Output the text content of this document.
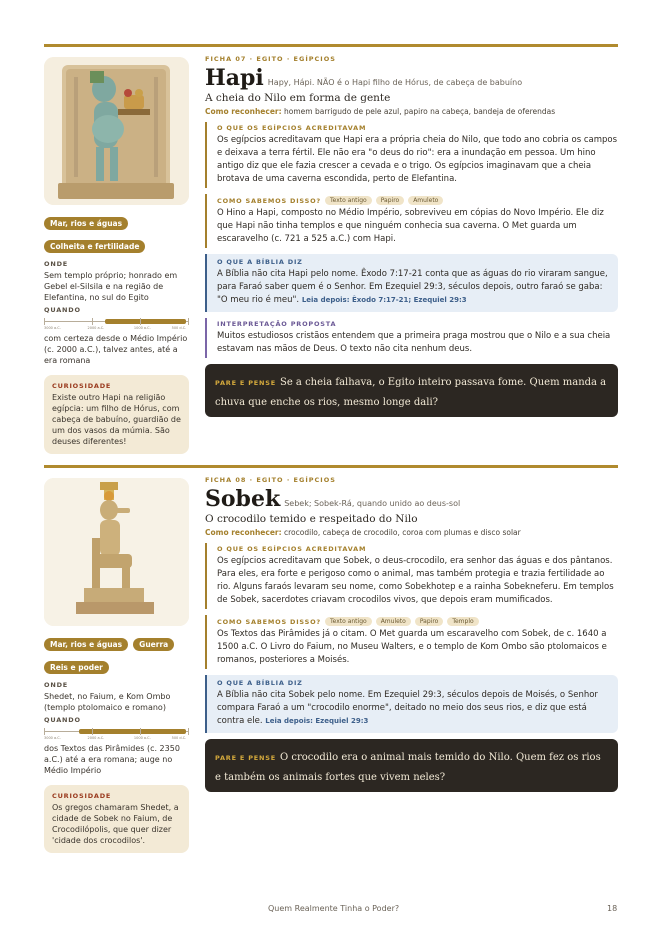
Mar, rios e águas
Colheita e fertilidade
ONDE
Sem templo próprio; honrado em Gebel el-Silsila e na região de Elefantina, no sul do Egito
QUANDO
3000 a.C.	2000 a.C.	1000 a.C.	500 d.C.
com certeza desde o Médio Império (c. 2000 a.C.), talvez antes, até a era romana
CURIOSIDADE
Existe outro Hapi na religião egípcia: um filho de Hórus, com cabeça de babuíno, guardião de um dos vasos da múmia. São deuses diferentes!
FICHA 07 · EGITO · EGÍPCIOS
Hapi Hapy, Hápi. NÃO é o Hapi filho de Hórus, de cabeça de babuíno
A cheia do Nilo em forma de gente
Como reconhecer: homem barrigudo de pele azul, papiro na cabeça, bandeja de oferendas
O QUE OS EGÍPCIOS ACREDITAVAM
Os egípcios acreditavam que Hapi era a própria cheia do Nilo, que todo ano cobria os campos e deixava a terra fértil. Ele não era "o deus do rio": era a inundação em pessoa. Um hino antigo diz que ele fazia crescer a cevada e o trigo. Os egípcios imaginavam que a cheia brotava de uma caverna escondida, perto de Elefantina.
COMO SABEMOS DISSO? Texto antigo Papiro Amuleto
O Hino a Hapi, composto no Médio Império, sobreviveu em cópias do Novo Império. Ele diz que Hapi não tinha templos e que ninguém conhecia sua caverna. O Met guarda um escaravelho (c. 721 a 525 a.C.) com Hapi.
O QUE A BÍBLIA DIZ
A Bíblia não cita Hapi pelo nome. Êxodo 7:17-21 conta que as águas do rio viraram sangue, para Faraó saber quem é o Senhor. Em Ezequiel 29:3, séculos depois, outro faraó se gaba: "O meu rio é meu". Leia depois: Êxodo 7:17-21; Ezequiel 29:3
INTERPRETAÇÃO PROPOSTA
Muitos estudiosos cristãos entendem que a primeira praga mostrou que o Nilo e a sua cheia estavam nas mãos de Deus. O texto não cita nenhum deus.
PARE E PENSE Se a cheia falhava, o Egito inteiro passava fome. Quem manda a chuva que enche os rios, mesmo longe dali?
Mar, rios e águas Guerra
Reis e poder
ONDE
Shedet, no Faium, e Kom Ombo (templo ptolomaico e romano)
QUANDO
3000 a.C.	2000 a.C.	1000 a.C.	500 d.C.
dos Textos das Pirâmides (c. 2350 a.C.) até a era romana; auge no Médio Império
CURIOSIDADE
Os gregos chamaram Shedet, a cidade de Sobek no Faium, de Crocodilópolis, que quer dizer 'cidade dos crocodilos'.
FICHA 08 · EGITO · EGÍPCIOS
Sobek Sebek; Sobek-Rá, quando unido ao deus-sol
O crocodilo temido e respeitado do Nilo
Como reconhecer: crocodilo, cabeça de crocodilo, coroa com plumas e disco solar
O QUE OS EGÍPCIOS ACREDITAVAM
Os egípcios acreditavam que Sobek, o deus-crocodilo, era senhor das águas e dos pântanos. Para eles, era forte e perigoso como o animal, mas também protegia e trazia fertilidade ao rio. Alguns faraós levaram seu nome, como Sobekhotep e a rainha Sobekneferu. Em templos de Sobek, sacerdotes criavam crocodilos vivos, que depois eram mumificados.
COMO SABEMOS DISSO? Texto antigo Amuleto Papiro Templo
Os Textos das Pirâmides já o citam. O Met guarda um escaravelho com Sobek, de c. 1640 a 1500 a.C. O Livro do Faium, no Museu Walters, e o templo de Kom Ombo são ptolomaicos e romanos, posteriores a Moisés.
O QUE A BÍBLIA DIZ
A Bíblia não cita Sobek pelo nome. Em Ezequiel 29:3, séculos depois de Moisés, o Senhor compara Faraó a um "crocodilo enorme", deitado no meio dos seus rios, e diz que está contra ele. Leia depois: Ezequiel 29:3
PARE E PENSE O crocodilo era o animal mais temido do Nilo. Quem fez os rios e também os animais fortes que vivem neles?
Quem Realmente Tinha o Poder?	18
